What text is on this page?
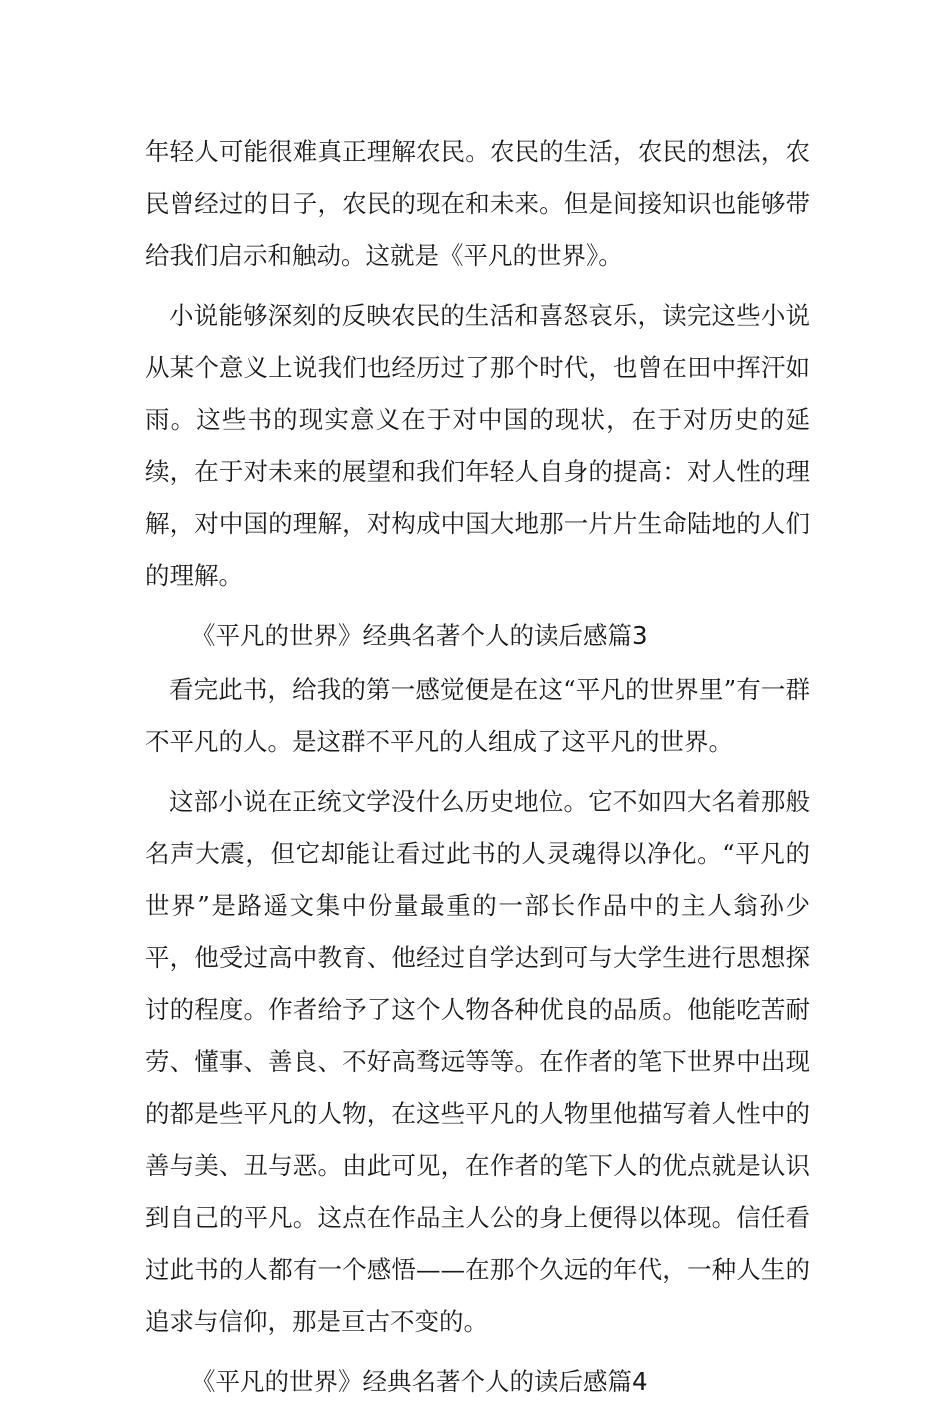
年轻人可能很难真正理解农民。农民的生活，农民的想法，农民曾经过的日子，农民的现在和未来。但是间接知识也能够带给我们启示和触动。这就是《平凡的世界》。

小说能够深刻的反映农民的生活和喜怒哀乐，读完这些小说从某个意义上说我们也经历过了那个时代，也曾在田中挥汗如雨。这些书的现实意义在于对中国的现状，在于对历史的延续，在于对未来的展望和我们年轻人自身的提高：对人性的理解，对中国的理解，对构成中国大地那一片片生命陆地的人们的理解。

《平凡的世界》经典名著个人的读后感篇3

看完此书，给我的第一感觉便是在这“平凡的世界里”有一群不平凡的人。是这群不平凡的人组成了这平凡的世界。

这部小说在正统文学没什么历史地位。它不如四大名着那般名声大震，但它却能让看过此书的人灵魂得以净化。“平凡的世界”是路遥文集中份量最重的一部长作品中的主人翁孙少平，他受过高中教育、他经过自学达到可与大学生进行思想探讨的程度。作者给予了这个人物各种优良的品质。他能吃苦耐劳、懂事、善良、不好高骛远等等。在作者的笔下世界中出现的都是些平凡的人物，在这些平凡的人物里他描写着人性中的善与美、丑与恶。由此可见，在作者的笔下人的优点就是认识到自己的平凡。这点在作品主人公的身上便得以体现。信任看过此书的人都有一个感悟——在那个久远的年代，一种人生的追求与信仰，那是亘古不变的。

《平凡的世界》经典名著个人的读后感篇4
